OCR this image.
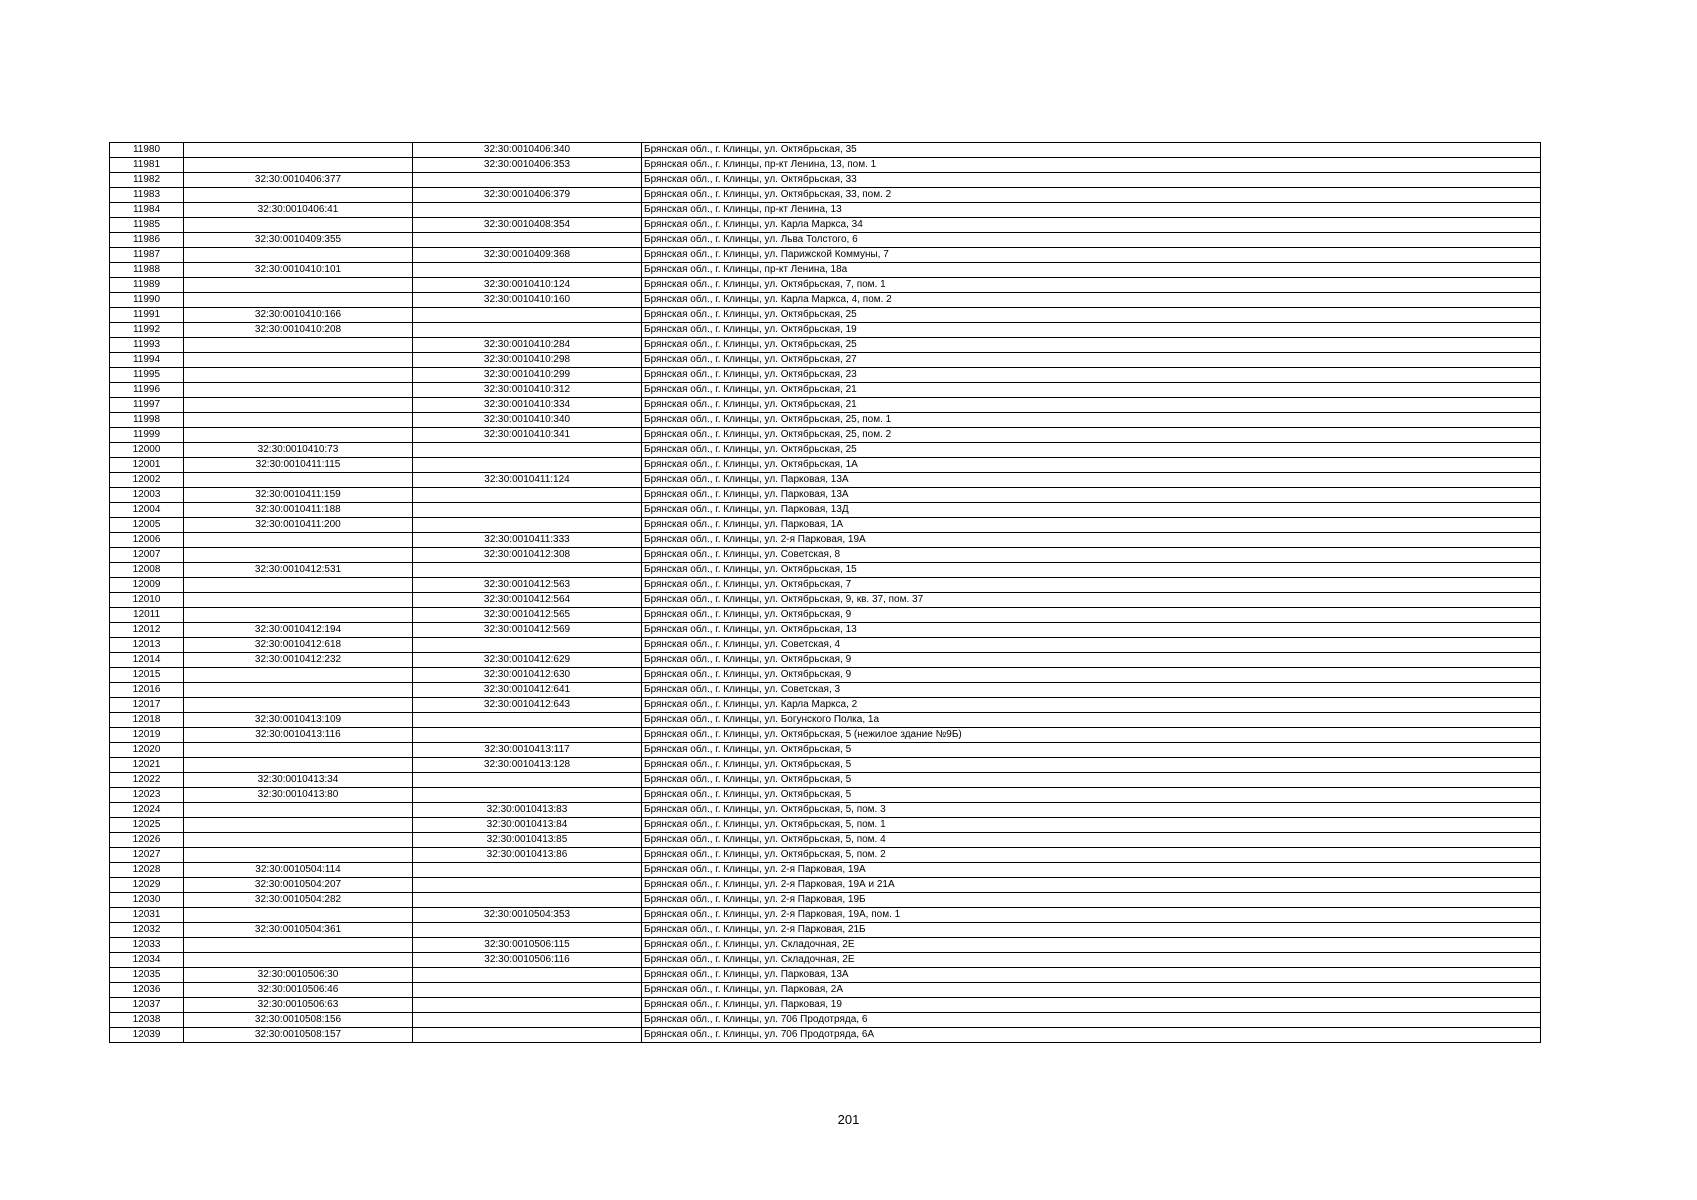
11980		32:30:0010406:340	Брянская обл., г. Клинцы, ул. Октябрьская, 35
11981		32:30:0010406:353	Брянская обл., г. Клинцы, пр-кт Ленина, 13, пом. 1
11982	32:30:0010406:377		Брянская обл., г. Клинцы, ул. Октябрьская, 33
11983		32:30:0010406:379	Брянская обл., г. Клинцы, ул. Октябрьская, 33, пом. 2
11984	32:30:0010406:41		Брянская обл., г. Клинцы, пр-кт Ленина, 13
11985		32:30:0010408:354	Брянская обл., г. Клинцы, ул. Карла Маркса, 34
11986	32:30:0010409:355		Брянская обл., г. Клинцы, ул. Льва Толстого, 6
11987		32:30:0010409:368	Брянская обл., г. Клинцы, ул. Парижской Коммуны, 7
11988	32:30:0010410:101		Брянская обл., г. Клинцы, пр-кт Ленина, 18а
11989		32:30:0010410:124	Брянская обл., г. Клинцы, ул. Октябрьская, 7, пом. 1
11990		32:30:0010410:160	Брянская обл., г. Клинцы, ул. Карла Маркса, 4, пом. 2
11991	32:30:0010410:166		Брянская обл., г. Клинцы, ул. Октябрьская, 25
11992	32:30:0010410:208		Брянская обл., г. Клинцы, ул. Октябрьская, 19
11993		32:30:0010410:284	Брянская обл., г. Клинцы, ул. Октябрьская, 25
11994		32:30:0010410:298	Брянская обл., г. Клинцы, ул. Октябрьская, 27
11995		32:30:0010410:299	Брянская обл., г. Клинцы, ул. Октябрьская, 23
11996		32:30:0010410:312	Брянская обл., г. Клинцы, ул. Октябрьская, 21
11997		32:30:0010410:334	Брянская обл., г. Клинцы, ул. Октябрьская, 21
11998		32:30:0010410:340	Брянская обл., г. Клинцы, ул. Октябрьская, 25, пом. 1
11999		32:30:0010410:341	Брянская обл., г. Клинцы, ул. Октябрьская, 25, пом. 2
12000	32:30:0010410:73		Брянская обл., г. Клинцы, ул. Октябрьская, 25
12001	32:30:0010411:115		Брянская обл., г. Клинцы, ул. Октябрьская, 1А
12002		32:30:0010411:124	Брянская обл., г. Клинцы, ул. Парковая, 13А
12003	32:30:0010411:159		Брянская обл., г. Клинцы, ул. Парковая, 13А
12004	32:30:0010411:188		Брянская обл., г. Клинцы, ул. Парковая, 13Д
12005	32:30:0010411:200		Брянская обл., г. Клинцы, ул. Парковая, 1А
12006		32:30:0010411:333	Брянская обл., г. Клинцы, ул. 2-я Парковая, 19А
12007		32:30:0010412:308	Брянская обл., г. Клинцы, ул. Советская, 8
12008	32:30:0010412:531		Брянская обл., г. Клинцы, ул. Октябрьская, 15
12009		32:30:0010412:563	Брянская обл., г. Клинцы, ул. Октябрьская, 7
12010		32:30:0010412:564	Брянская обл., г. Клинцы, ул. Октябрьская, 9, кв. 37, пом. 37
12011		32:30:0010412:565	Брянская обл., г. Клинцы, ул. Октябрьская, 9
12012	32:30:0010412:194	32:30:0010412:569	Брянская обл., г. Клинцы, ул. Октябрьская, 13
12013	32:30:0010412:618		Брянская обл., г. Клинцы, ул. Советская, 4
12014	32:30:0010412:232	32:30:0010412:629	Брянская обл., г. Клинцы, ул. Октябрьская, 9
12015		32:30:0010412:630	Брянская обл., г. Клинцы, ул. Октябрьская, 9
12016		32:30:0010412:641	Брянская обл., г. Клинцы, ул. Советская, 3
12017		32:30:0010412:643	Брянская обл., г. Клинцы, ул. Карла Маркса, 2
12018	32:30:0010413:109		Брянская обл., г. Клинцы, ул. Богунского Полка, 1а
12019	32:30:0010413:116		Брянская обл., г. Клинцы, ул. Октябрьская, 5 (нежилое здание №9Б)
12020		32:30:0010413:117	Брянская обл., г. Клинцы, ул. Октябрьская, 5
12021		32:30:0010413:128	Брянская обл., г. Клинцы, ул. Октябрьская, 5
12022	32:30:0010413:34		Брянская обл., г. Клинцы, ул. Октябрьская, 5
12023	32:30:0010413:80		Брянская обл., г. Клинцы, ул. Октябрьская, 5
12024		32:30:0010413:83	Брянская обл., г. Клинцы, ул. Октябрьская, 5, пом. 3
12025		32:30:0010413:84	Брянская обл., г. Клинцы, ул. Октябрьская, 5, пом. 1
12026		32:30:0010413:85	Брянская обл., г. Клинцы, ул. Октябрьская, 5, пом. 4
12027		32:30:0010413:86	Брянская обл., г. Клинцы, ул. Октябрьская, 5, пом. 2
12028	32:30:0010504:114		Брянская обл., г. Клинцы, ул. 2-я Парковая, 19А
12029	32:30:0010504:207		Брянская обл., г. Клинцы, ул. 2-я Парковая, 19А и 21А
12030	32:30:0010504:282		Брянская обл., г. Клинцы, ул. 2-я Парковая, 19Б
12031		32:30:0010504:353	Брянская обл., г. Клинцы, ул. 2-я Парковая, 19А, пом. 1
12032	32:30:0010504:361		Брянская обл., г. Клинцы, ул. 2-я Парковая, 21Б
12033		32:30:0010506:115	Брянская обл., г. Клинцы, ул. Складочная, 2Е
12034		32:30:0010506:116	Брянская обл., г. Клинцы, ул. Складочная, 2Е
12035	32:30:0010506:30		Брянская обл., г. Клинцы, ул. Парковая, 13А
12036	32:30:0010506:46		Брянская обл., г. Клинцы, ул. Парковая, 2А
12037	32:30:0010506:63		Брянская обл., г. Клинцы, ул. Парковая, 19
12038	32:30:0010508:156		Брянская обл., г. Клинцы, ул. 706 Продотряда, 6
12039	32:30:0010508:157		Брянская обл., г. Клинцы, ул. 706 Продотряда, 6А
201
